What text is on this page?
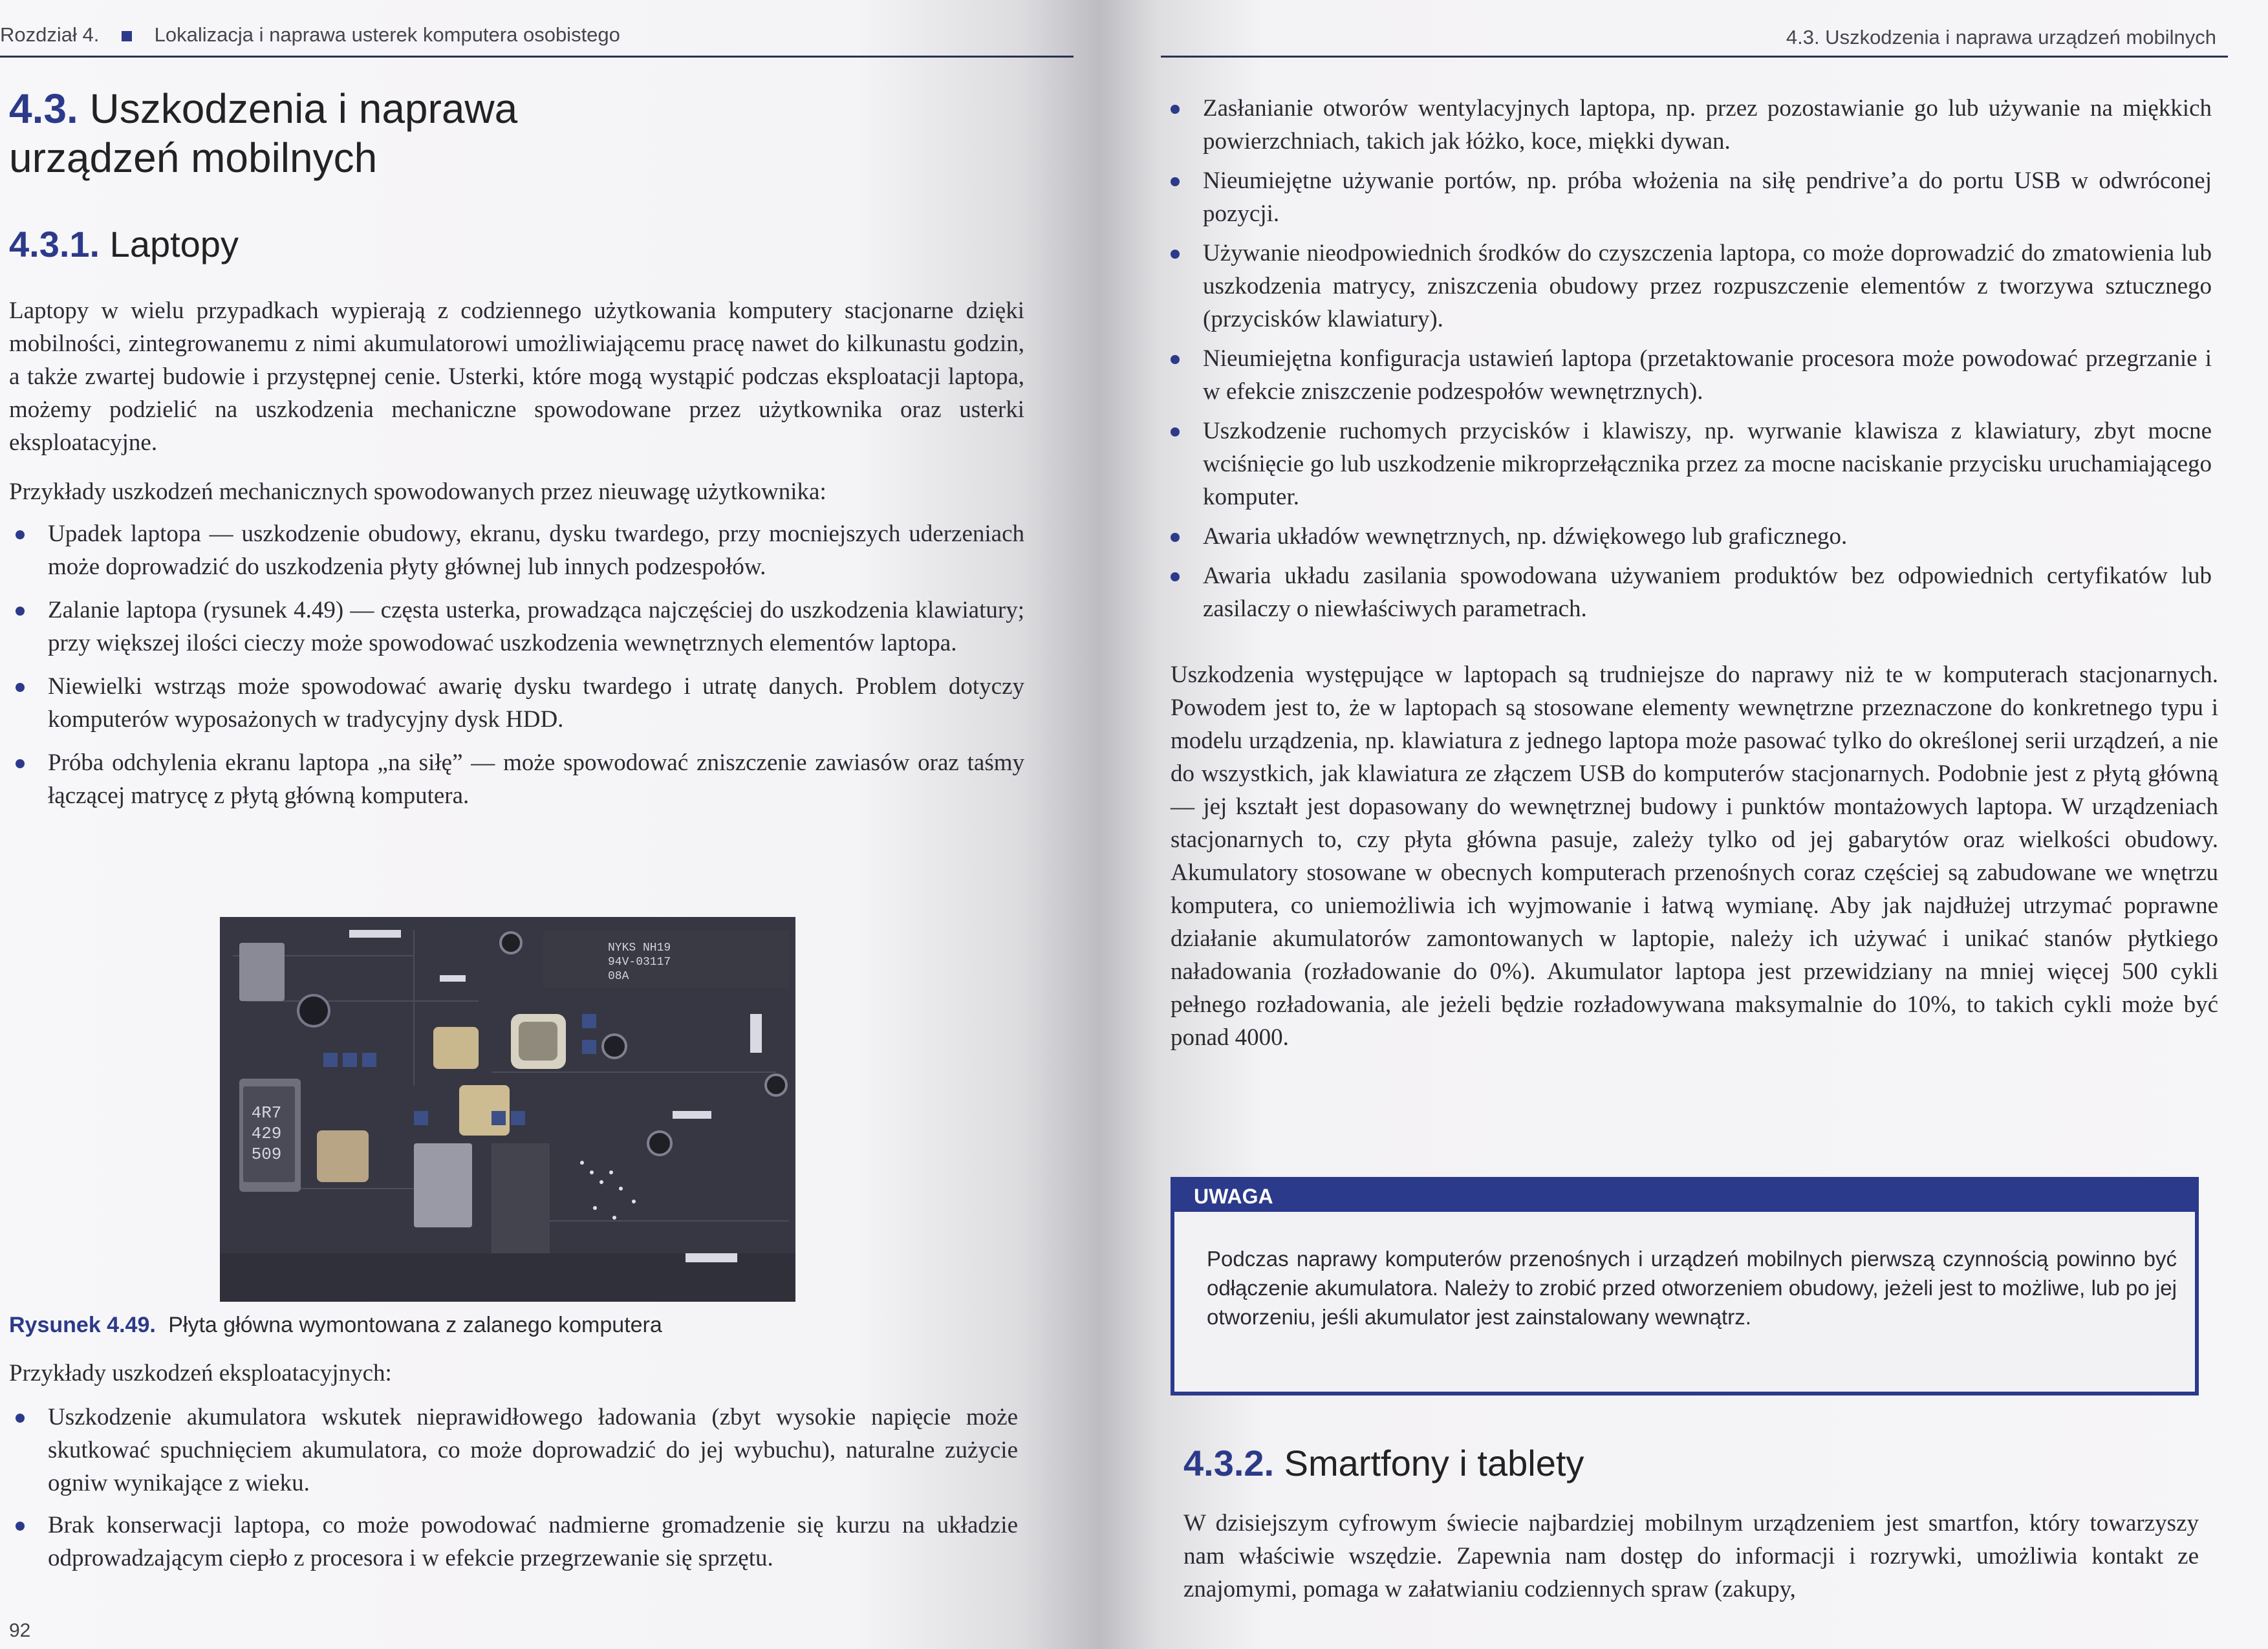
Rozdział 4.	Lokalizacja i naprawa usterek komputera osobistego
4.3. Uszkodzenia i naprawa
urządzeń mobilnych
4.3.1. Laptopy
Laptopy w wielu przypadkach wypierają z codziennego użytkowania komputery stacjonarne dzięki mobilności, zintegrowanemu z nimi akumulatorowi umożliwiającemu pracę nawet do kilkunastu godzin, a także zwartej budowie i przystępnej cenie. Usterki, które mogą wystąpić podczas eksploatacji laptopa, możemy podzielić na uszkodzenia mechaniczne spowodowane przez użytkownika oraz usterki eksploatacyjne.
Przykłady uszkodzeń mechanicznych spowodowanych przez nieuwagę użytkownika:
Upadek laptopa — uszkodzenie obudowy, ekranu, dysku twardego, przy mocniejszych uderzeniach może doprowadzić do uszkodzenia płyty głównej lub innych podzespołów.
Zalanie laptopa (rysunek 4.49) — częsta usterka, prowadząca najczęściej do uszkodzenia klawiatury; przy większej ilości cieczy może spowodować uszkodzenia wewnętrznych elementów laptopa.
Niewielki wstrząs może spowodować awarię dysku twardego i utratę danych. Problem dotyczy komputerów wyposażonych w tradycyjny dysk HDD.
Próba odchylenia ekranu laptopa „na siłę” — może spowodować zniszczenie zawiasów oraz taśmy łączącej matrycę z płytą główną komputera.
4R7
429
509
NYKS NH19
94V-03117
08A
Rysunek 4.49. Płyta główna wymontowana z zalanego komputera
Przykłady uszkodzeń eksploatacyjnych:
Uszkodzenie akumulatora wskutek nieprawidłowego ładowania (zbyt wysokie napięcie może skutkować spuchnięciem akumulatora, co może doprowadzić do jej wybuchu), naturalne zużycie ogniw wynikające z wieku.
Brak konserwacji laptopa, co może powodować nadmierne gromadzenie się kurzu na układzie odprowadzającym ciepło z procesora i w efekcie przegrzewanie się sprzętu.
92
4.3. Uszkodzenia i naprawa urządzeń mobilnych
Zasłanianie otworów wentylacyjnych laptopa, np. przez pozostawianie go lub używanie na miękkich powierzchniach, takich jak łóżko, koce, miękki dywan.
Nieumiejętne używanie portów, np. próba włożenia na siłę pendrive’a do portu USB w odwróconej pozycji.
Używanie nieodpowiednich środków do czyszczenia laptopa, co może doprowadzić do zmatowienia lub uszkodzenia matrycy, zniszczenia obudowy przez rozpuszczenie elementów z tworzywa sztucznego (przycisków klawiatury).
Nieumiejętna konfiguracja ustawień laptopa (przetaktowanie procesora może powodować przegrzanie i w efekcie zniszczenie podzespołów wewnętrznych).
Uszkodzenie ruchomych przycisków i klawiszy, np. wyrwanie klawisza z klawiatury, zbyt mocne wciśnięcie go lub uszkodzenie mikroprzełącznika przez za mocne naciskanie przycisku uruchamiającego komputer.
Awaria układów wewnętrznych, np. dźwiękowego lub graficznego.
Awaria układu zasilania spowodowana używaniem produktów bez odpowiednich certyfikatów lub zasilaczy o niewłaściwych parametrach.
Uszkodzenia występujące w laptopach są trudniejsze do naprawy niż te w komputerach stacjonarnych. Powodem jest to, że w laptopach są stosowane elementy wewnętrzne przeznaczone do konkretnego typu i modelu urządzenia, np. klawiatura z jednego laptopa może pasować tylko do określonej serii urządzeń, a nie do wszystkich, jak klawiatura ze złączem USB do komputerów stacjonarnych. Podobnie jest z płytą główną — jej kształt jest dopasowany do wewnętrznej budowy i punktów montażowych laptopa. W urządzeniach stacjonarnych to, czy płyta główna pasuje, zależy tylko od jej gabarytów oraz wielkości obudowy. Akumulatory stosowane w obecnych komputerach przenośnych coraz częściej są zabudowane we wnętrzu komputera, co uniemożliwia ich wyjmowanie i łatwą wymianę. Aby jak najdłużej utrzymać poprawne działanie akumulatorów zamontowanych w laptopie, należy ich używać i unikać stanów płytkiego naładowania (rozładowanie do 0%). Akumulator laptopa jest przewidziany na mniej więcej 500 cykli pełnego rozładowania, ale jeżeli będzie rozładowywana maksymalnie do 10%, to takich cykli może być ponad 4000.
UWAGA
Podczas naprawy komputerów przenośnych i urządzeń mobilnych pierwszą czynnością powinno być odłączenie akumulatora. Należy to zrobić przed otworzeniem obudowy, jeżeli jest to możliwe, lub po jej otworzeniu, jeśli akumulator jest zainstalowany wewnątrz.
4.3.2. Smartfony i tablety
W dzisiejszym cyfrowym świecie najbardziej mobilnym urządzeniem jest smartfon, który towarzyszy nam właściwie wszędzie. Zapewnia nam dostęp do informacji i rozrywki, umożliwia kontakt ze znajomymi, pomaga w załatwianiu codziennych spraw (zakupy,
